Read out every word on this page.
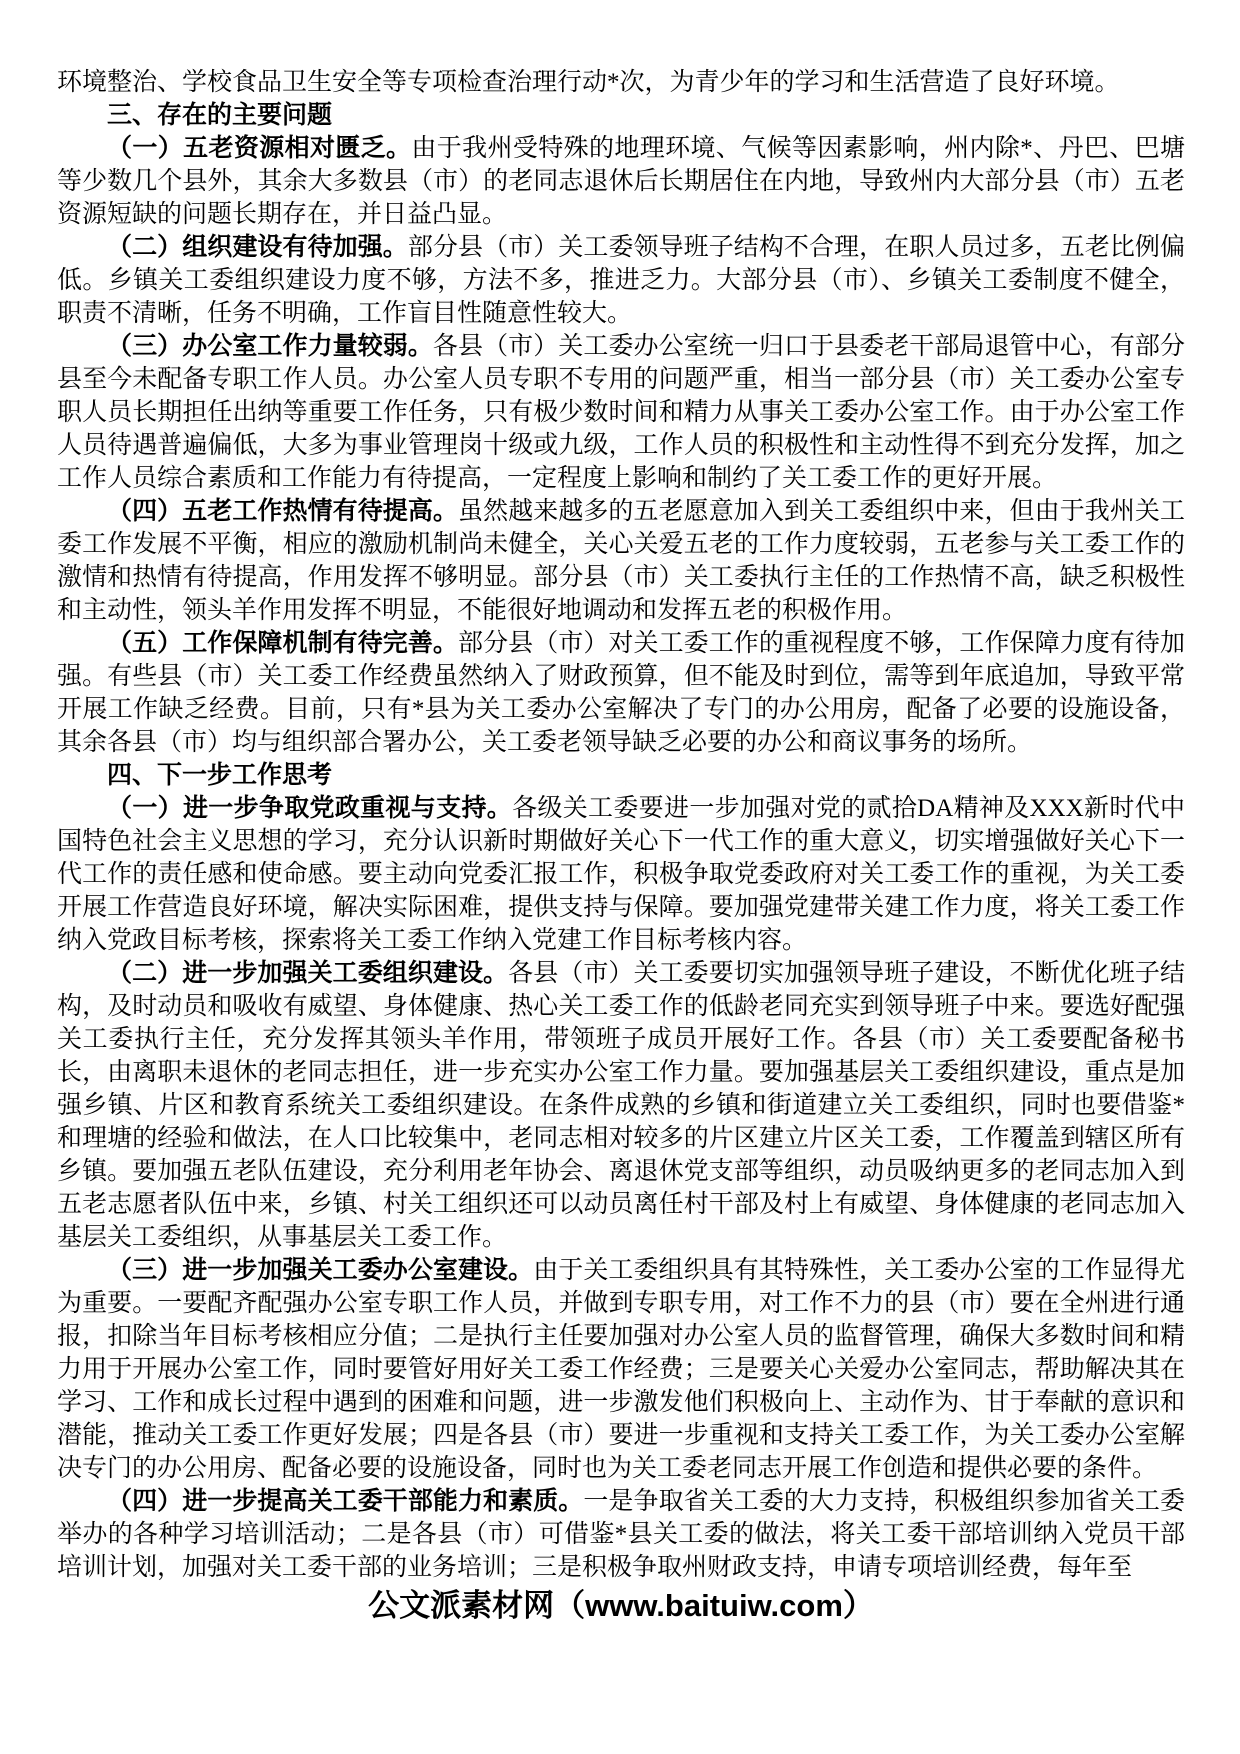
环境整治、学校食品卫生安全等专项检查治理行动*次，为青少年的学习和生活营造了良好环境。

三、存在的主要问题

（一）五老资源相对匮乏。由于我州受特殊的地理环境、气候等因素影响，州内除*、丹巴、巴塘等少数几个县外，其余大多数县（市）的老同志退休后长期居住在内地，导致州内大部分县（市）五老资源短缺的问题长期存在，并日益凸显。

（二）组织建设有待加强。部分县（市）关工委领导班子结构不合理，在职人员过多，五老比例偏低。乡镇关工委组织建设力度不够，方法不多，推进乏力。大部分县（市）、乡镇关工委制度不健全，职责不清晰，任务不明确，工作盲目性随意性较大。

（三）办公室工作力量较弱。各县（市）关工委办公室统一归口于县委老干部局退管中心，有部分县至今未配备专职工作人员。办公室人员专职不专用的问题严重，相当一部分县（市）关工委办公室专职人员长期担任出纳等重要工作任务，只有极少数时间和精力从事关工委办公室工作。由于办公室工作人员待遇普遍偏低，大多为事业管理岗十级或九级，工作人员的积极性和主动性得不到充分发挥，加之工作人员综合素质和工作能力有待提高，一定程度上影响和制约了关工委工作的更好开展。

（四）五老工作热情有待提高。虽然越来越多的五老愿意加入到关工委组织中来，但由于我州关工委工作发展不平衡，相应的激励机制尚未健全，关心关爱五老的工作力度较弱，五老参与关工委工作的激情和热情有待提高，作用发挥不够明显。部分县（市）关工委执行主任的工作热情不高，缺乏积极性和主动性，领头羊作用发挥不明显，不能很好地调动和发挥五老的积极作用。

（五）工作保障机制有待完善。部分县（市）对关工委工作的重视程度不够，工作保障力度有待加强。有些县（市）关工委工作经费虽然纳入了财政预算，但不能及时到位，需等到年底追加，导致平常开展工作缺乏经费。目前，只有*县为关工委办公室解决了专门的办公用房，配备了必要的设施设备，其余各县（市）均与组织部合署办公，关工委老领导缺乏必要的办公和商议事务的场所。

四、下一步工作思考

（一）进一步争取党政重视与支持。各级关工委要进一步加强对党的贰拾DA精神及XXX新时代中国特色社会主义思想的学习，充分认识新时期做好关心下一代工作的重大意义，切实增强做好关心下一代工作的责任感和使命感。要主动向党委汇报工作，积极争取党委政府对关工委工作的重视，为关工委开展工作营造良好环境，解决实际困难，提供支持与保障。要加强党建带关建工作力度，将关工委工作纳入党政目标考核，探索将关工委工作纳入党建工作目标考核内容。

（二）进一步加强关工委组织建设。各县（市）关工委要切实加强领导班子建设，不断优化班子结构，及时动员和吸收有威望、身体健康、热心关工委工作的低龄老同充实到领导班子中来。要选好配强关工委执行主任，充分发挥其领头羊作用，带领班子成员开展好工作。各县（市）关工委要配备秘书长，由离职未退休的老同志担任，进一步充实办公室工作力量。要加强基层关工委组织建设，重点是加强乡镇、片区和教育系统关工委组织建设。在条件成熟的乡镇和街道建立关工委组织，同时也要借鉴*和理塘的经验和做法，在人口比较集中，老同志相对较多的片区建立片区关工委，工作覆盖到辖区所有乡镇。要加强五老队伍建设，充分利用老年协会、离退休党支部等组织，动员吸纳更多的老同志加入到五老志愿者队伍中来，乡镇、村关工组织还可以动员离任村干部及村上有威望、身体健康的老同志加入基层关工委组织，从事基层关工委工作。

（三）进一步加强关工委办公室建设。由于关工委组织具有其特殊性，关工委办公室的工作显得尤为重要。一要配齐配强办公室专职工作人员，并做到专职专用，对工作不力的县（市）要在全州进行通报，扣除当年目标考核相应分值；二是执行主任要加强对办公室人员的监督管理，确保大多数时间和精力用于开展办公室工作，同时要管好用好关工委工作经费；三是要关心关爱办公室同志，帮助解决其在学习、工作和成长过程中遇到的困难和问题，进一步激发他们积极向上、主动作为、甘于奉献的意识和潜能，推动关工委工作更好发展；四是各县（市）要进一步重视和支持关工委工作，为关工委办公室解决专门的办公用房、配备必要的设施设备，同时也为关工委老同志开展工作创造和提供必要的条件。

（四）进一步提高关工委干部能力和素质。一是争取省关工委的大力支持，积极组织参加省关工委举办的各种学习培训活动；二是各县（市）可借鉴*县关工委的做法，将关工委干部培训纳入党员干部培训计划，加强对关工委干部的业务培训；三是积极争取州财政支持，申请专项培训经费，每年至

公文派素材网（www.baituiw.com）
